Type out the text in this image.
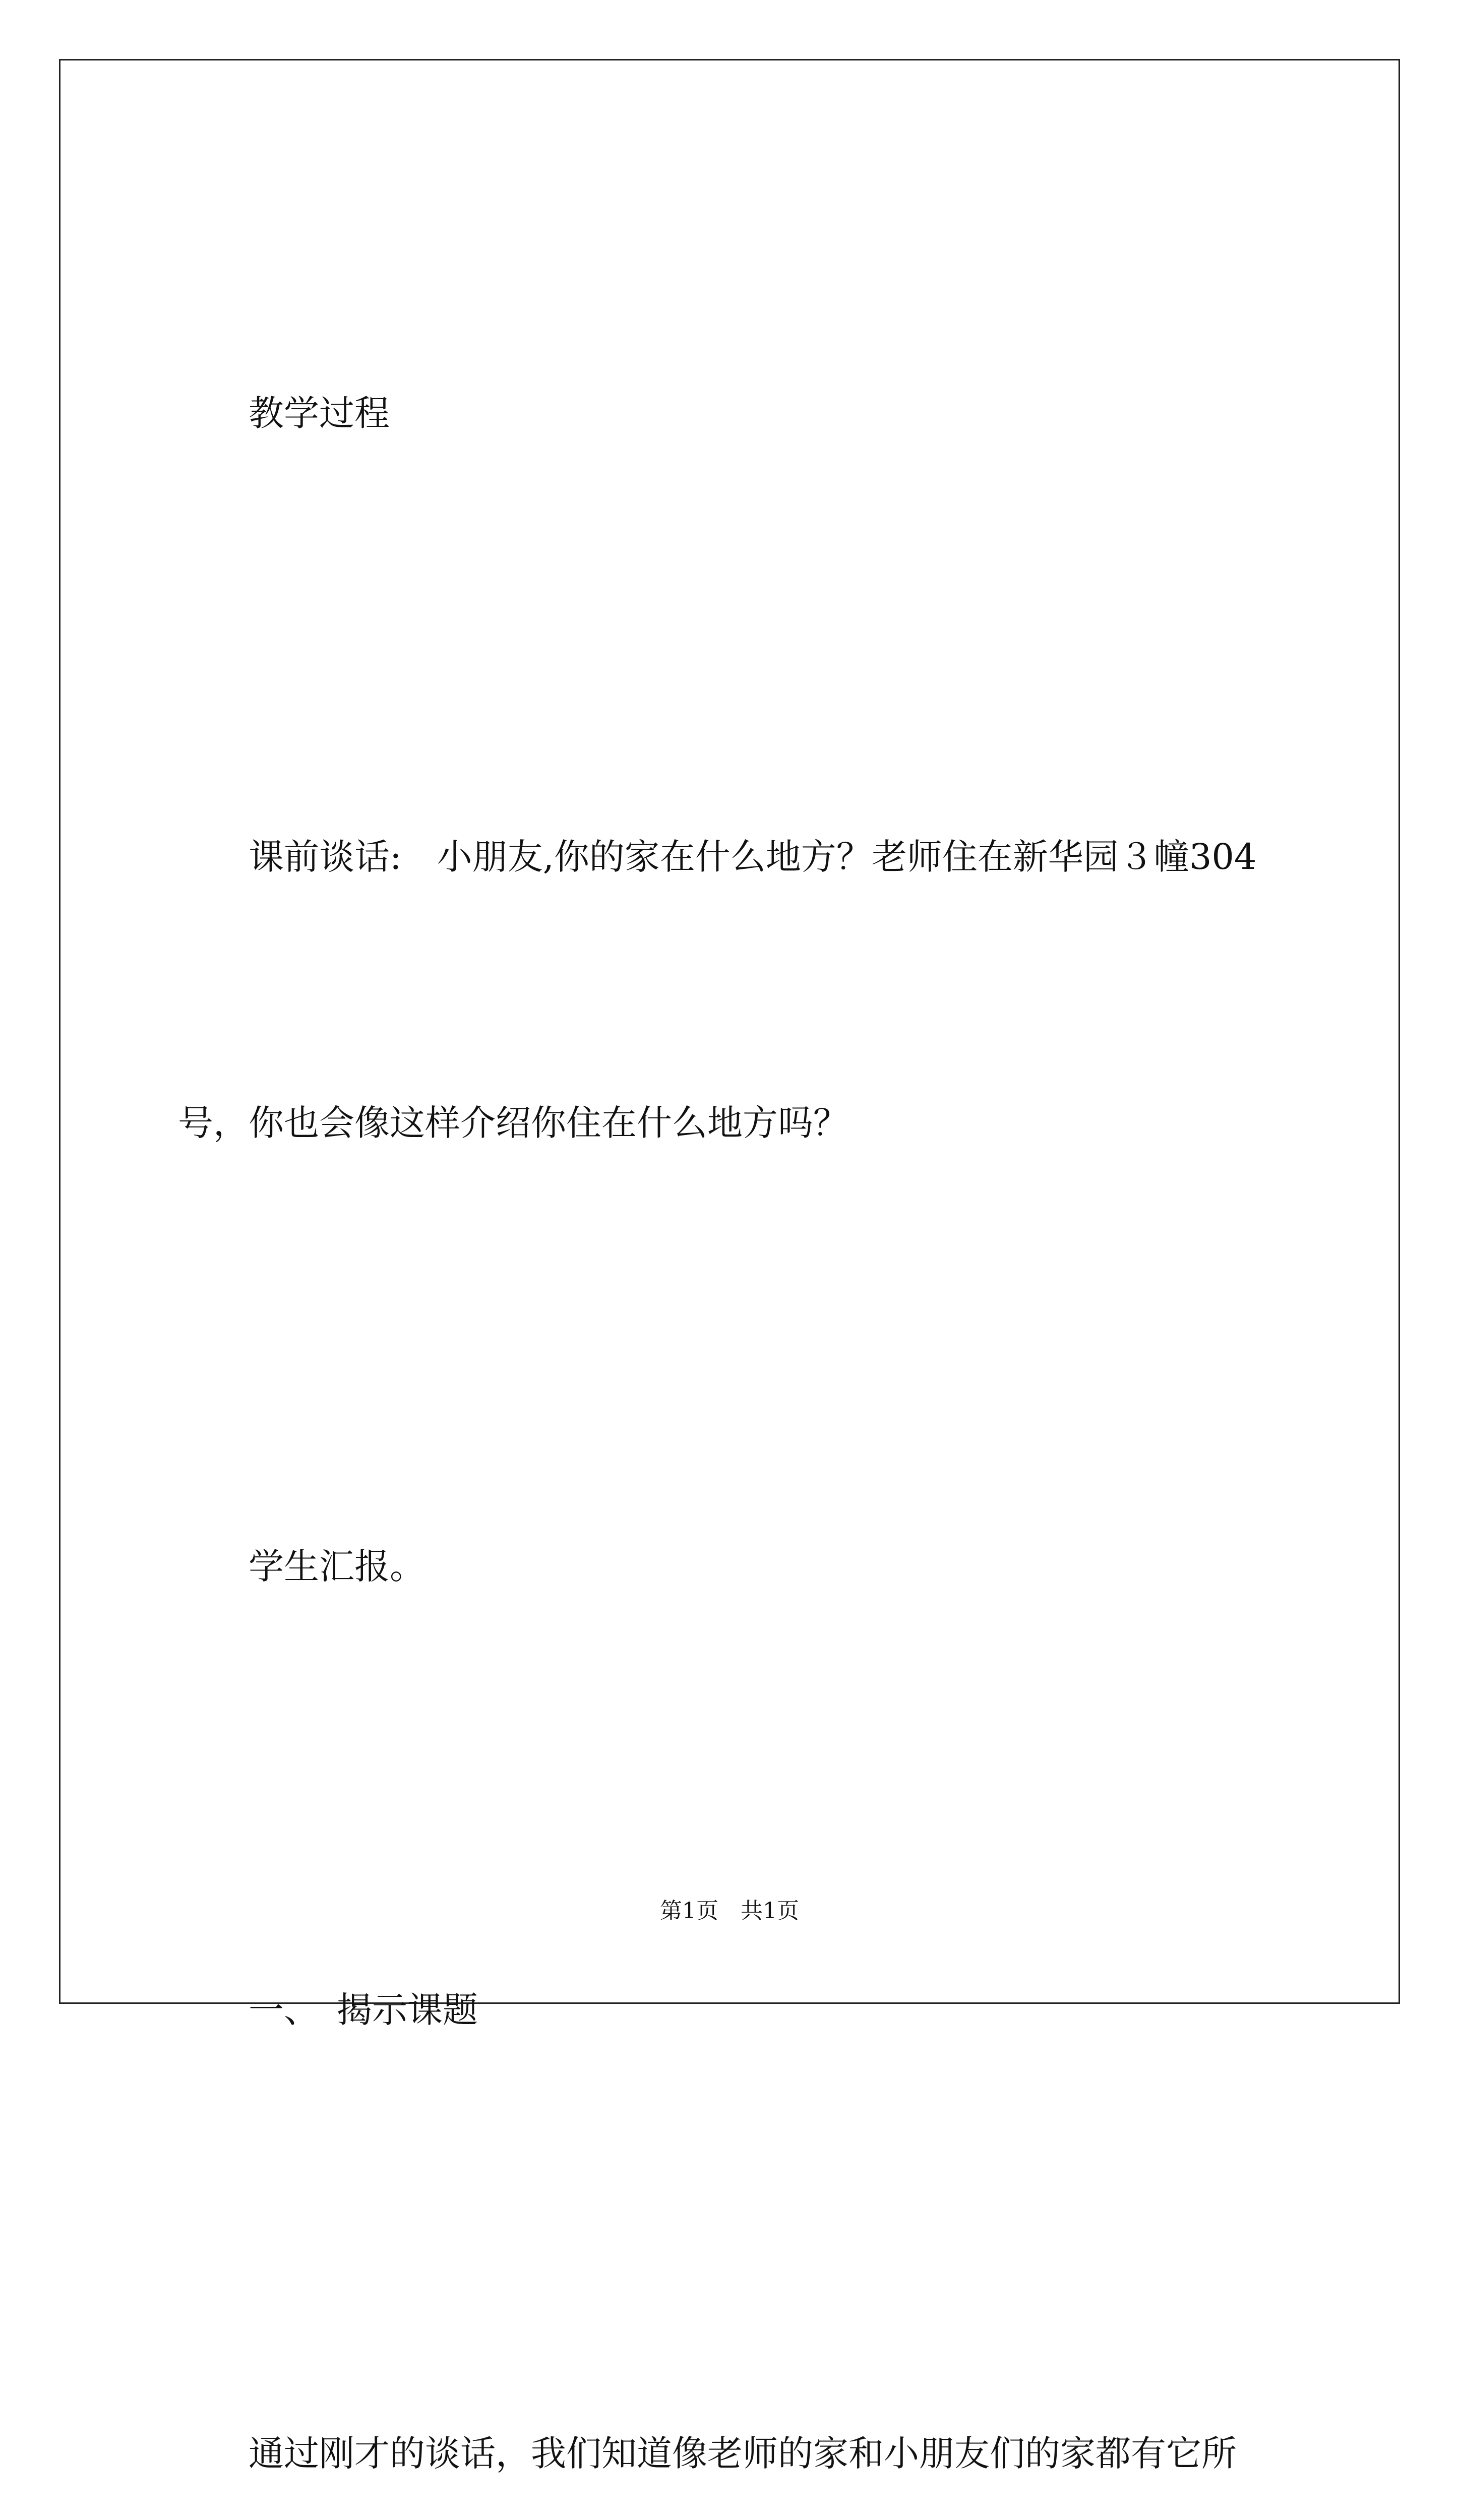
教学过程

课前谈话:　小朋友,你的家在什么地方？老师住在新华园３幢304

号，你也会像这样介绍你住在什么地方吗？

学生汇报。

一、　揭示课题

通过刚才的谈话，我们知道像老师的家和小朋友们的家都有它所

第1页　共1页
